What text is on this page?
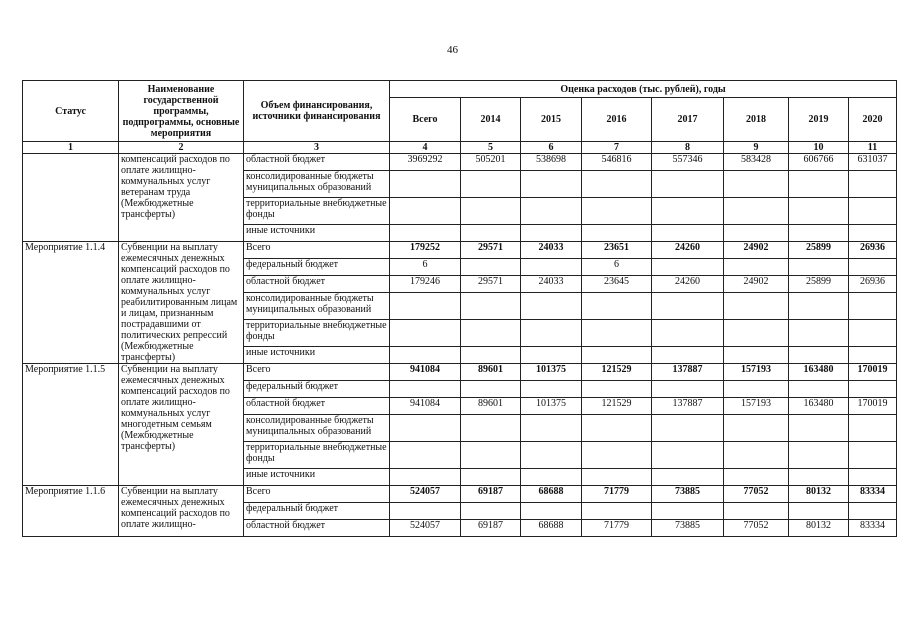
46
Статус	Наименование государственной программы, подпрограммы, основные мероприятия	Объем финансирования, источники финансирования	Оценка расходов (тыс. рублей), годы							
			Всего	2014	2015	2016	2017	2018	2019	2020
1	2	3	4	5	6	7	8	9	10	11
	компенсаций расходов по оплате жилищно-коммунальных услуг ветеранам труда (Межбюджетные трансферты)	областной бюджет	3969292	505201	538698	546816	557346	583428	606766	631037
		консолидированные бюджеты муниципальных образований								
		территориальные внебюджетные фонды								
		иные источники								
Мероприятие 1.1.4	Субвенции на выплату ежемесячных денежных компенсаций расходов по оплате жилищно-коммунальных услуг реабилитированным лицам и лицам, признанным пострадавшими от политических репрессий (Межбюджетные трансферты)	Всего	179252	29571	24033	23651	24260	24902	25899	26936
		федеральный бюджет	6			6				
		областной бюджет	179246	29571	24033	23645	24260	24902	25899	26936
		консолидированные бюджеты муниципальных образований								
		территориальные внебюджетные фонды								
		иные источники								
Мероприятие 1.1.5	Субвенции на выплату ежемесячных денежных компенсаций расходов по оплате жилищно-коммунальных услуг многодетным семьям (Межбюджетные трансферты)	Всего	941084	89601	101375	121529	137887	157193	163480	170019
		федеральный бюджет								
		областной бюджет	941084	89601	101375	121529	137887	157193	163480	170019
		консолидированные бюджеты муниципальных образований								
		территориальные внебюджетные фонды								
		иные источники								
Мероприятие 1.1.6	Субвенции на выплату ежемесячных денежных компенсаций расходов по оплате жилищно-	Всего	524057	69187	68688	71779	73885	77052	80132	83334
		федеральный бюджет								
		областной бюджет	524057	69187	68688	71779	73885	77052	80132	83334
